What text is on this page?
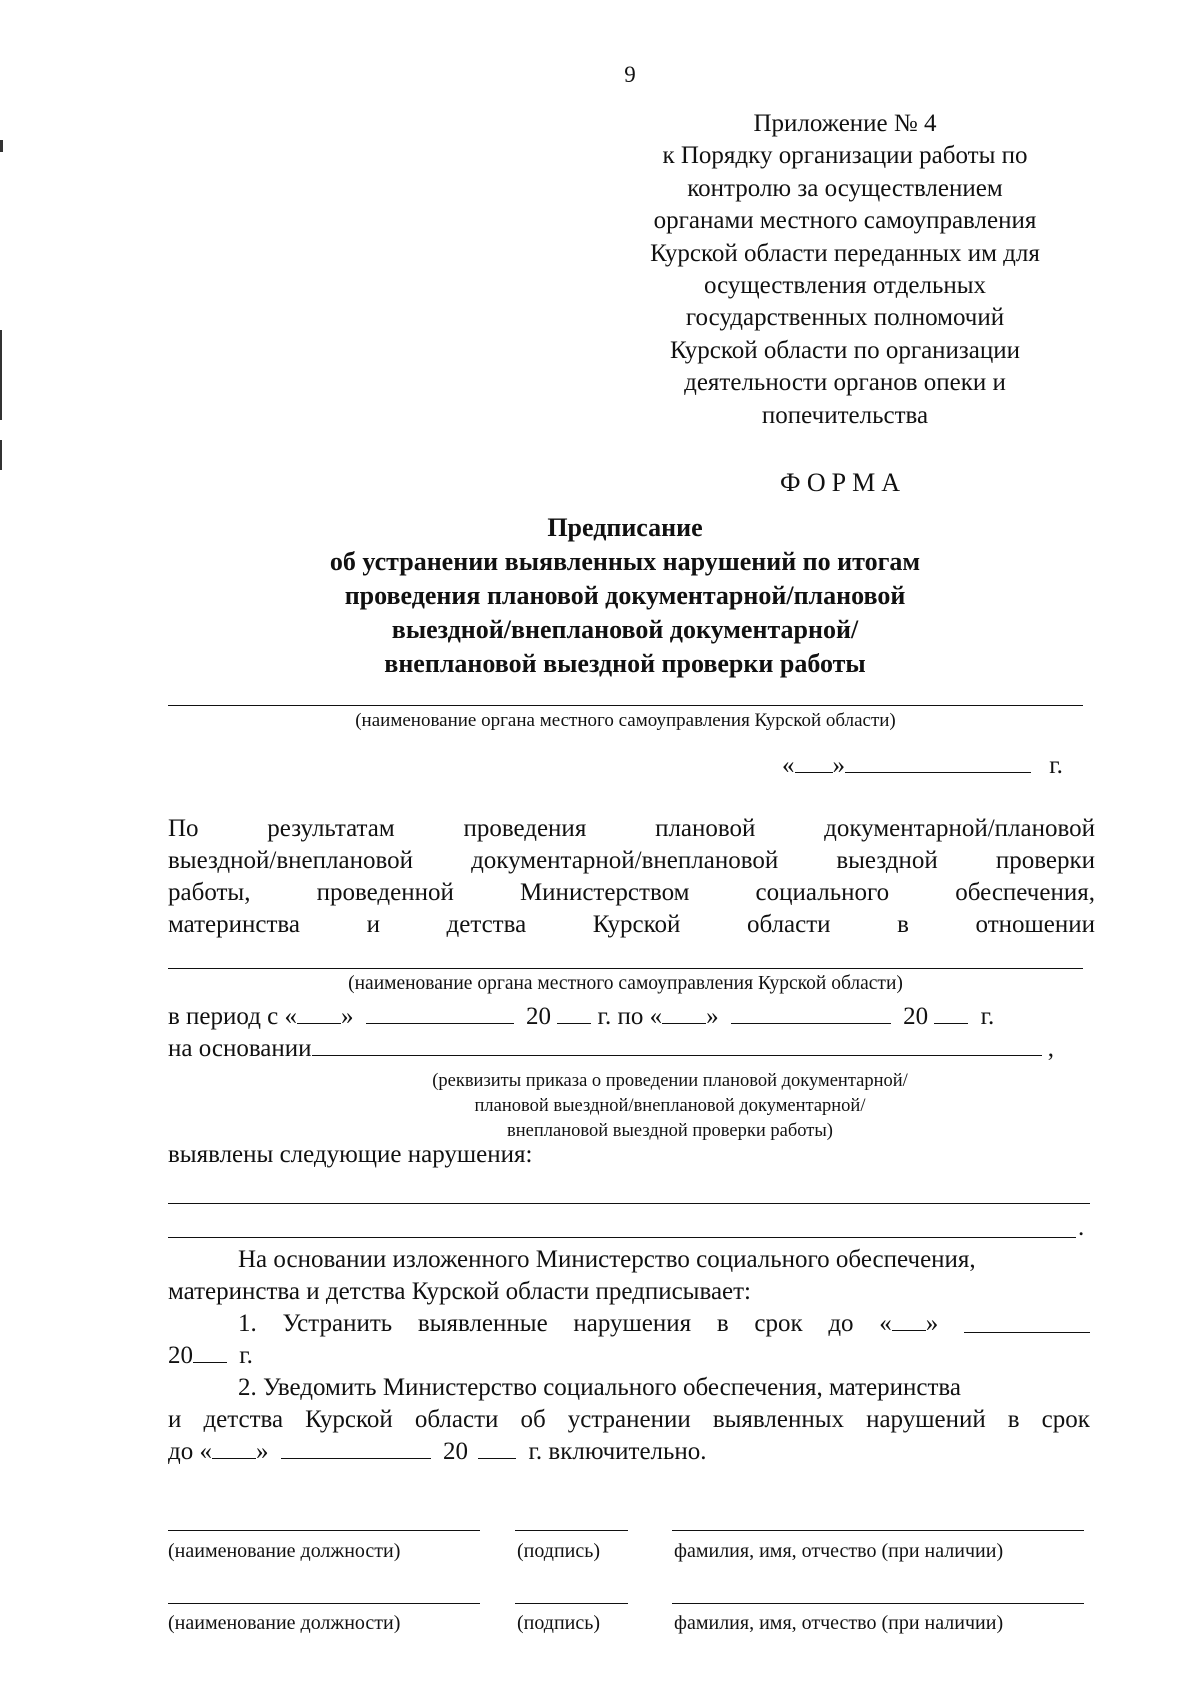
9
Приложение № 4
к Порядку организации работы по
контролю за осуществлением
органами местного самоуправления
Курской области переданных им для
осуществления отдельных
государственных полномочий
Курской области по организации
деятельности органов опеки и
попечительства
ФОРМА
Предписание
об устранении выявленных нарушений по итогам
проведения плановой документарной/плановой
выездной/внеплановой документарной/
внеплановой выездной проверки работы
(наименование органа местного самоуправления Курской области)
« »	г.
По	результатам	проведения	плановой	документарной/плановой
выездной/внеплановой документарной/внеплановой выездной проверки
работы,	проведенной	Министерством	социального	обеспечения,
материнства	и	детства	Курской	области	в	отношении
(наименование органа местного самоуправления Курской области)
в период с « »	20 г. по « »	20 г.
на основании	,
(реквизиты приказа о проведении плановой документарной/
плановой выездной/внеплановой документарной/
внеплановой выездной проверки работы)
выявлены следующие нарушения:
.
На основании изложенного Министерство социального обеспечения,
материнства и детства Курской области предписывает:
1. Устранить выявленные нарушения в срок до « »
20 г.
2. Уведомить Министерство социального обеспечения, материнства
и детства Курской области об устранении выявленных нарушений в срок
до « »	20 г. включительно.
(наименование должности)	(подпись)	фамилия, имя, отчество (при наличии)
(наименование должности)	(подпись)	фамилия, имя, отчество (при наличии)
